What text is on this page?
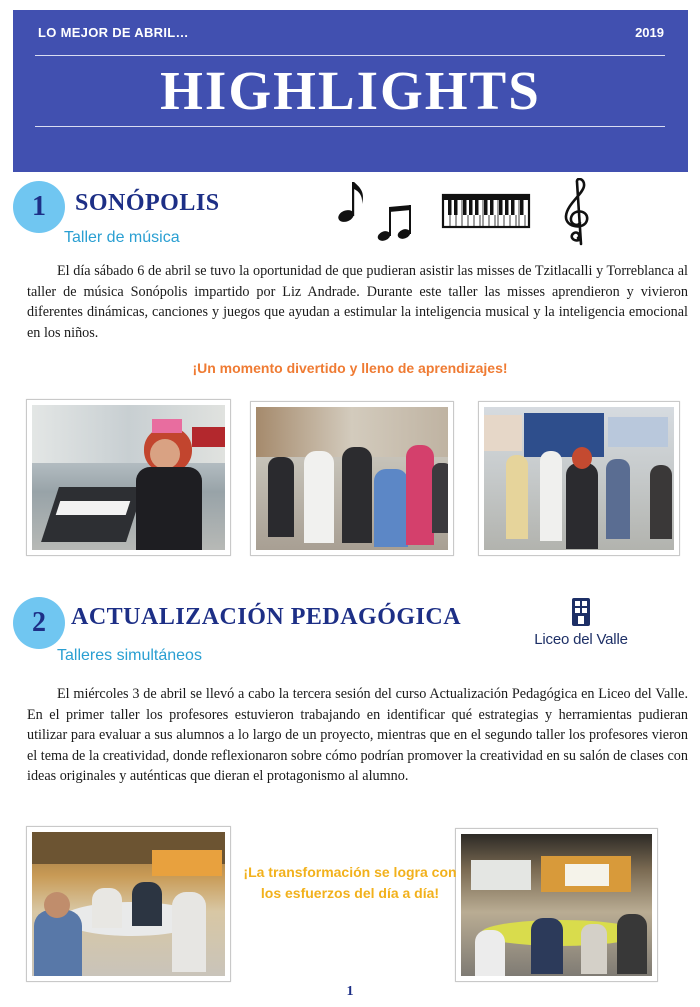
LO MEJOR DE ABRIL…	2019
HIGHLIGHTS
1	SONÓPOLIS
Taller de música

El día sábado 6 de abril se tuvo la oportunidad de que pudieran asistir las misses de Tzitlacalli y Torreblanca al taller de música Sonópolis impartido por Liz Andrade. Durante este taller las misses aprendieron y vivieron diferentes dinámicas, canciones y juegos que ayudan a estimular la inteligencia musical y la inteligencia emocional en los niños.

¡Un momento divertido y lleno de aprendizajes!
2	ACTUALIZACIÓN PEDAGÓGICA
Talleres simultáneos
Liceo del Valle

El miércoles 3 de abril se llevó a cabo la tercera sesión del curso Actualización Pedagógica en Liceo del Valle. En el primer taller los profesores estuvieron trabajando en identificar qué estrategias y herramientas pudieran utilizar para evaluar a sus alumnos a lo largo de un proyecto, mientras que en el segundo taller los profesores vieron el tema de la creatividad, donde reflexionaron sobre cómo podrían promover la creatividad en su salón de clases con ideas originales y auténticas que dieran el protagonismo al alumno.

¡La transformación se logra con los esfuerzos del día a día!
1
